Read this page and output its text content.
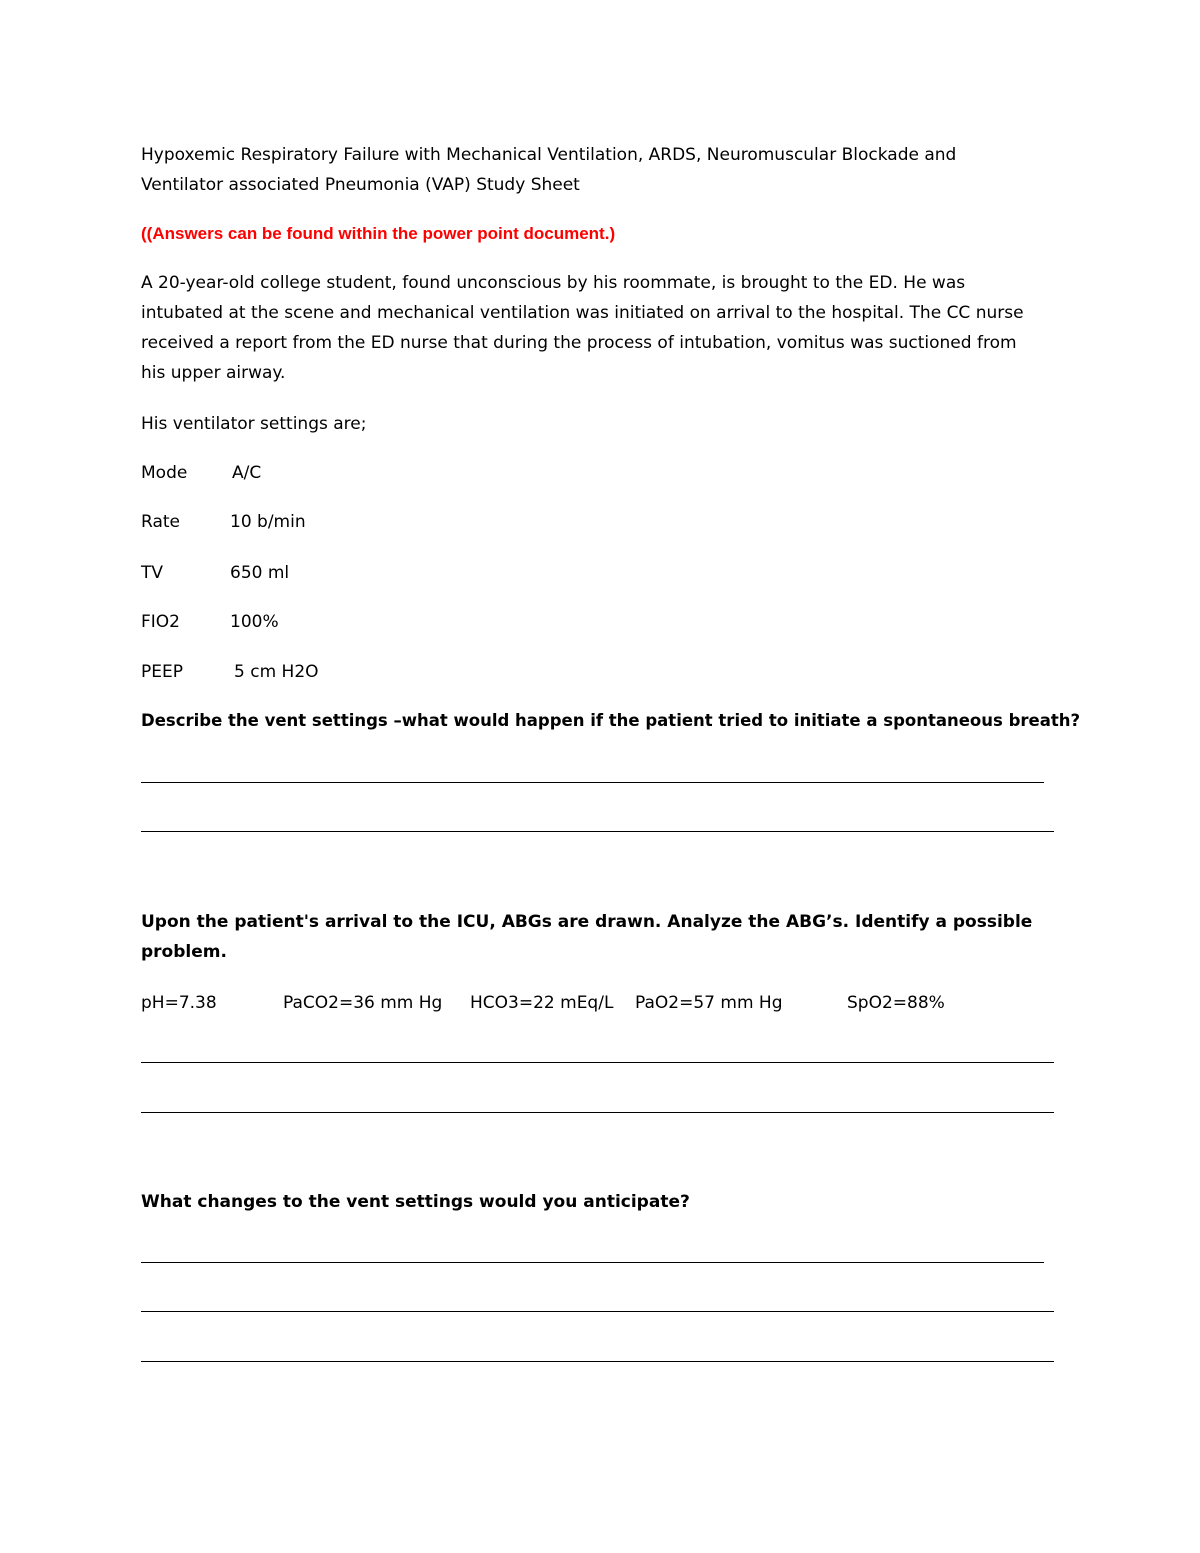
Hypoxemic Respiratory Failure with Mechanical Ventilation, ARDS, Neuromuscular Blockade and

Ventilator associated Pneumonia (VAP) Study Sheet

((Answers can be found within the power point document.)

A 20-year-old college student, found unconscious by his roommate, is brought to the ED. He was

intubated at the scene and mechanical ventilation was initiated on arrival to the hospital. The CC nurse

received a report from the ED nurse that during the process of intubation, vomitus was suctioned from

his upper airway.

His ventilator settings are;

Mode	A/C
Rate	10 b/min
TV	650 ml
FIO2	100%
PEEP	5 cm H2O

Describe the vent settings –what would happen if the patient tried to initiate a spontaneous breath?

Upon the patient's arrival to the ICU, ABGs are drawn. Analyze the ABG’s. Identify a possible

problem.

pH=7.38	PaCO2=36 mm Hg HCO3=22 mEq/L PaO2=57 mm Hg	SpO2=88%

What changes to the vent settings would you anticipate?
